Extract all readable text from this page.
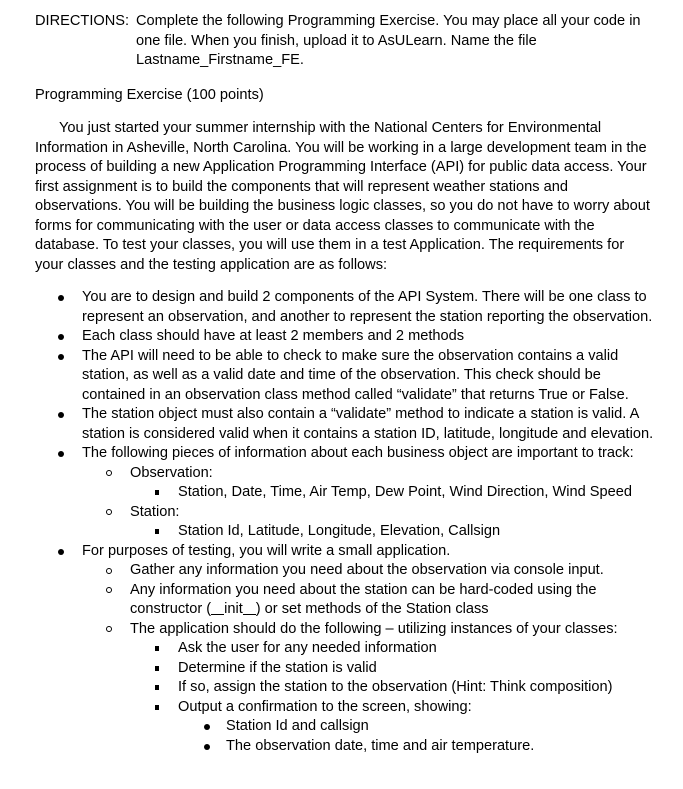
DIRECTIONS: Complete the following Programming Exercise. You may place all your code in
one file. When you finish, upload it to AsULearn. Name the file
Lastname_Firstname_FE.
Programming Exercise (100 points)
You just started your summer internship with the National Centers for Environmental
Information in Asheville, North Carolina. You will be working in a large development team in the
process of building a new Application Programming Interface (API) for public data access. Your
first assignment is to build the components that will represent weather stations and
observations. You will be building the business logic classes, so you do not have to worry about
forms for communicating with the user or data access classes to communicate with the
database. To test your classes, you will use them in a test Application. The requirements for
your classes and the testing application are as follows:
You are to design and build 2 components of the API System. There will be one class to
represent an observation, and another to represent the station reporting the observation.
Each class should have at least 2 members and 2 methods
The API will need to be able to check to make sure the observation contains a valid
station, as well as a valid date and time of the observation. This check should be
contained in an observation class method called “validate” that returns True or False.
The station object must also contain a “validate” method to indicate a station is valid. A
station is considered valid when it contains a station ID, latitude, longitude and elevation.
The following pieces of information about each business object are important to track:
Observation:
Station, Date, Time, Air Temp, Dew Point, Wind Direction, Wind Speed
Station:
Station Id, Latitude, Longitude, Elevation, Callsign
For purposes of testing, you will write a small application.
Gather any information you need about the observation via console input.
Any information you need about the station can be hard-coded using the
constructor ( init ) or set methods of the Station class
The application should do the following – utilizing instances of your classes:
Ask the user for any needed information
Determine if the station is valid
If so, assign the station to the observation (Hint: Think composition)
Output a confirmation to the screen, showing:
Station Id and callsign
The observation date, time and air temperature.
